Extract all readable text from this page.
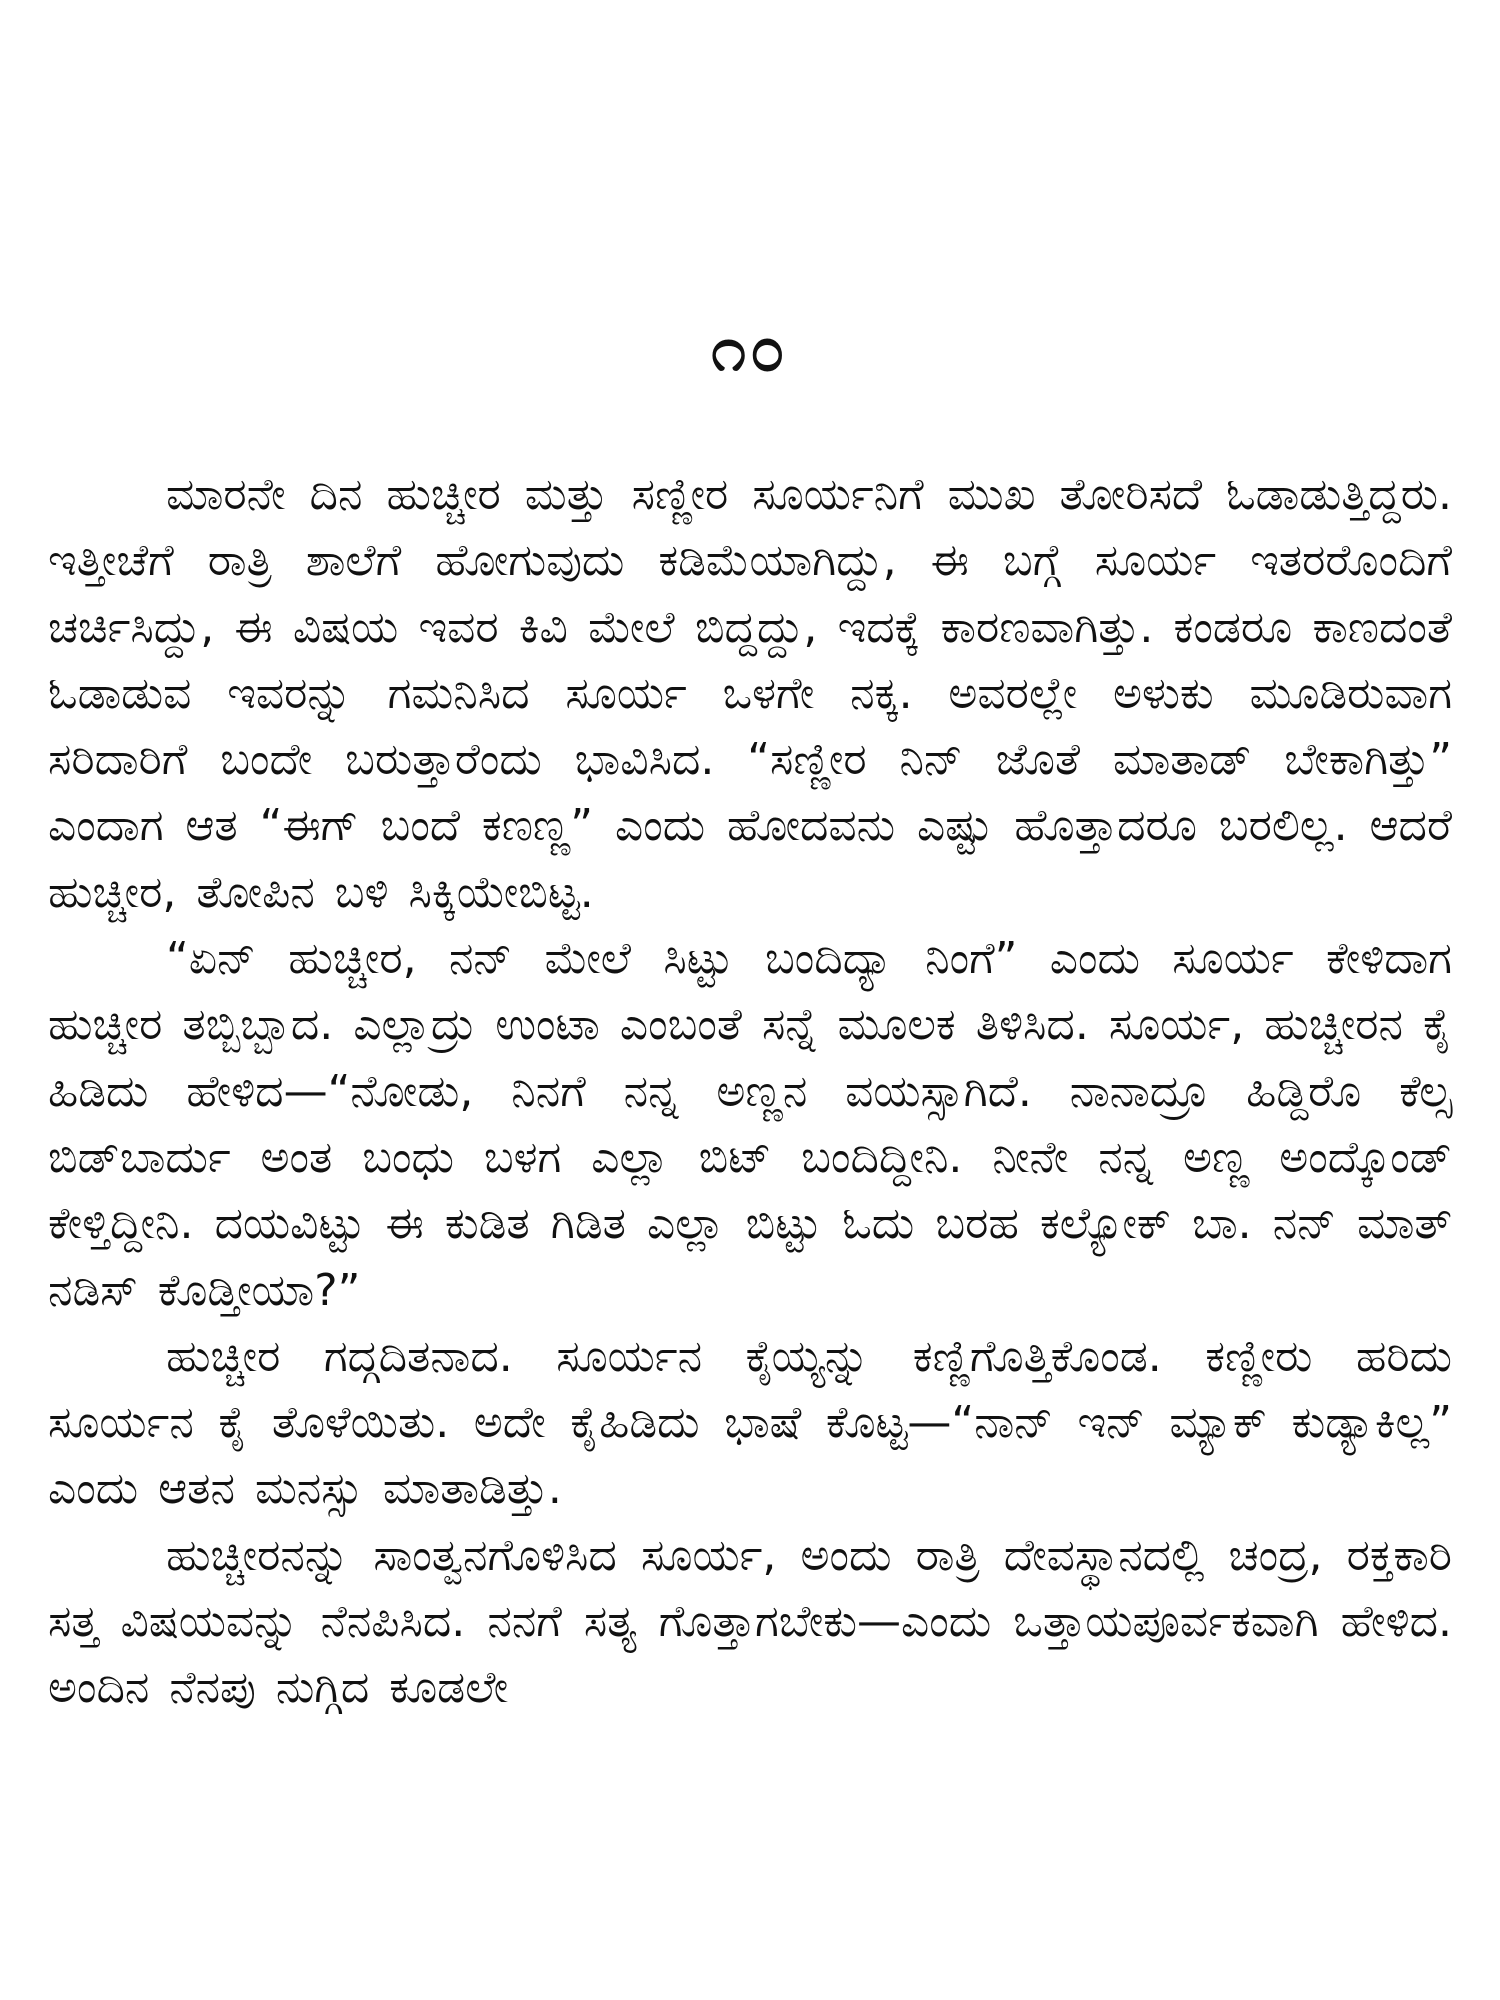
೧೦

ಮಾರನೇ ದಿನ ಹುಚ್ಚೀರ ಮತ್ತು ಸಣ್ಣೀರ ಸೂರ್ಯನಿಗೆ ಮುಖ ತೋರಿಸದೆ ಓಡಾಡುತ್ತಿದ್ದರು. ಇತ್ತೀಚೆಗೆ ರಾತ್ರಿ ಶಾಲೆಗೆ ಹೋಗುವುದು ಕಡಿಮೆಯಾಗಿದ್ದು, ಈ ಬಗ್ಗೆ ಸೂರ್ಯ ಇತರರೊಂದಿಗೆ ಚರ್ಚಿಸಿದ್ದು, ಈ ವಿಷಯ ಇವರ ಕಿವಿ ಮೇಲೆ ಬಿದ್ದದ್ದು, ಇದಕ್ಕೆ ಕಾರಣವಾಗಿತ್ತು. ಕಂಡರೂ ಕಾಣದಂತೆ ಓಡಾಡುವ ಇವರನ್ನು ಗಮನಿಸಿದ ಸೂರ್ಯ ಒಳಗೇ ನಕ್ಕ. ಅವರಲ್ಲೇ ಅಳುಕು ಮೂಡಿರುವಾಗ ಸರಿದಾರಿಗೆ ಬಂದೇ ಬರುತ್ತಾರೆಂದು ಭಾವಿಸಿದ. “ಸಣ್ಣೀರ ನಿನ್ ಜೊತೆ ಮಾತಾಡ್ ಬೇಕಾಗಿತ್ತು” ಎಂದಾಗ ಆತ “ಈಗ್ ಬಂದೆ ಕಣಣ್ಣ” ಎಂದು ಹೋದವನು ಎಷ್ಟು ಹೊತ್ತಾದರೂ ಬರಲಿಲ್ಲ. ಆದರೆ ಹುಚ್ಚೀರ, ತೋಪಿನ ಬಳಿ ಸಿಕ್ಕಿಯೇಬಿಟ್ಟ.

“ಏನ್ ಹುಚ್ಚೀರ, ನನ್ ಮೇಲೆ ಸಿಟ್ಟು ಬಂದಿದ್ಯಾ ನಿಂಗೆ” ಎಂದು ಸೂರ್ಯ ಕೇಳಿದಾಗ ಹುಚ್ಚೀರ ತಬ್ಬಿಬ್ಬಾದ. ಎಲ್ಲಾದ್ರು ಉಂಟಾ ಎಂಬಂತೆ ಸನ್ನೆ ಮೂಲಕ ತಿಳಿಸಿದ. ಸೂರ್ಯ, ಹುಚ್ಚೀರನ ಕೈ ಹಿಡಿದು ಹೇಳಿದ—“ನೋಡು, ನಿನಗೆ ನನ್ನ ಅಣ್ಣನ ವಯಸ್ಸಾಗಿದೆ. ನಾನಾದ್ರೂ ಹಿಡ್ದಿರೊ ಕೆಲ್ಸ ಬಿಡ್‌ಬಾರ್ದು ಅಂತ ಬಂಧು ಬಳಗ ಎಲ್ಲಾ ಬಿಟ್ ಬಂದಿದ್ದೀನಿ. ನೀನೇ ನನ್ನ ಅಣ್ಣ ಅಂದ್ಕೊಂಡ್ ಕೇಳ್ತಿದ್ದೀನಿ. ದಯವಿಟ್ಟು ಈ ಕುಡಿತ ಗಿಡಿತ ಎಲ್ಲಾ ಬಿಟ್ಟು ಓದು ಬರಹ ಕಲ್ಯೋಕ್ ಬಾ. ನನ್ ಮಾತ್ ನಡಿಸ್ ಕೊಡ್ತೀಯಾ?”

ಹುಚ್ಚೀರ ಗದ್ಗದಿತನಾದ. ಸೂರ್ಯನ ಕೈಯ್ಯನ್ನು ಕಣ್ಣಿಗೊತ್ತಿಕೊಂಡ. ಕಣ್ಣೀರು ಹರಿದು ಸೂರ್ಯನ ಕೈ ತೊಳೆಯಿತು. ಅದೇ ಕೈಹಿಡಿದು ಭಾಷೆ ಕೊಟ್ಟ—“ನಾನ್ ಇನ್ ಮ್ಯಾಕ್ ಕುಡ್ಯಾಕಿಲ್ಲ” ಎಂದು ಆತನ ಮನಸ್ಸು ಮಾತಾಡಿತ್ತು.

ಹುಚ್ಚೀರನನ್ನು ಸಾಂತ್ವನಗೊಳಿಸಿದ ಸೂರ್ಯ, ಅಂದು ರಾತ್ರಿ ದೇವಸ್ಥಾನದಲ್ಲಿ ಚಂದ್ರ, ರಕ್ತಕಾರಿ ಸತ್ತ ವಿಷಯವನ್ನು ನೆನಪಿಸಿದ. ನನಗೆ ಸತ್ಯ ಗೊತ್ತಾಗಬೇಕು—ಎಂದು ಒತ್ತಾಯಪೂರ್ವಕವಾಗಿ ಹೇಳಿದ. ಅಂದಿನ ನೆನಪು ನುಗ್ಗಿದ ಕೂಡಲೇ
